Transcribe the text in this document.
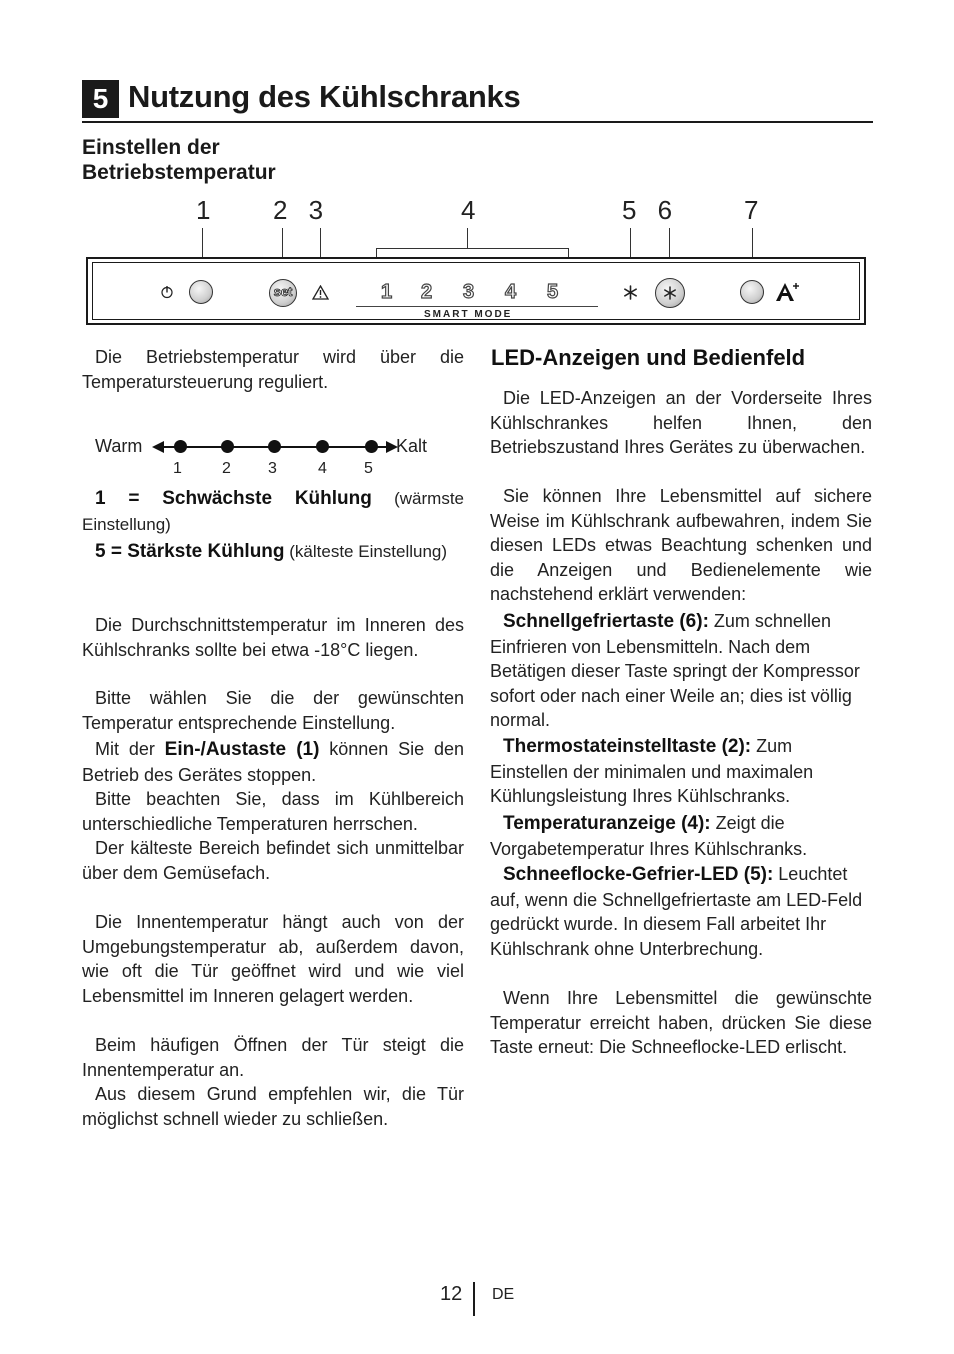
5 Nutzung des Kühlschranks
Einstellen der
Betriebstemperatur
1 2 3	4	5 6	7
set	1 2 3 4 5
SMART MODE
Die Betriebstemperatur wird über die Temperatursteuerung reguliert.
Warm	Kalt
1	2 3	4 5
1 = Schwächste Kühlung (wärmste Einstellung)
5 = Stärkste Kühlung (kälteste Einstellung)
Die Durchschnittstemperatur im Inneren des Kühlschranks sollte bei etwa -18°C liegen.
Bitte wählen Sie die der gewünschten Temperatur entsprechende Einstellung.
Mit der Ein-/Austaste (1) können Sie den Betrieb des Gerätes stoppen.
Bitte beachten Sie, dass im Kühlbereich unterschiedliche Temperaturen herrschen.
Der kälteste Bereich befindet sich unmittelbar über dem Gemüsefach.
Die Innentemperatur hängt auch von der Umgebungstemperatur ab, außerdem davon, wie oft die Tür geöffnet wird und wie viel Lebensmittel im Inneren gelagert werden.
Beim häufigen Öffnen der Tür steigt die Innentemperatur an.
Aus diesem Grund empfehlen wir, die Tür möglichst schnell wieder zu schließen.
LED-Anzeigen und Bedienfeld
Die LED-Anzeigen an der Vorderseite Ihres Kühlschrankes helfen Ihnen, den Betriebszustand Ihres Gerätes zu überwachen.
Sie können Ihre Lebensmittel auf sichere Weise im Kühlschrank aufbewahren, indem Sie diesen LEDs etwas Beachtung schenken und die Anzeigen und Bedienelemente wie nachstehend erklärt verwenden:
Schnellgefriertaste (6): Zum schnellen Einfrieren von Lebensmitteln. Nach dem Betätigen dieser Taste springt der Kompressor sofort oder nach einer Weile an; dies ist völlig normal.
Thermostateinstelltaste (2): Zum Einstellen der minimalen und maximalen Kühlungsleistung Ihres Kühlschranks.
Temperaturanzeige (4): Zeigt die Vorgabetemperatur Ihres Kühlschranks.
Schneeflocke-Gefrier-LED (5): Leuchtet auf, wenn die Schnellgefriertaste am LED-Feld gedrückt wurde. In diesem Fall arbeitet Ihr Kühlschrank ohne Unterbrechung.
Wenn Ihre Lebensmittel die gewünschte Temperatur erreicht haben, drücken Sie diese Taste erneut: Die Schneeflocke-LED erlischt.
12 DE
